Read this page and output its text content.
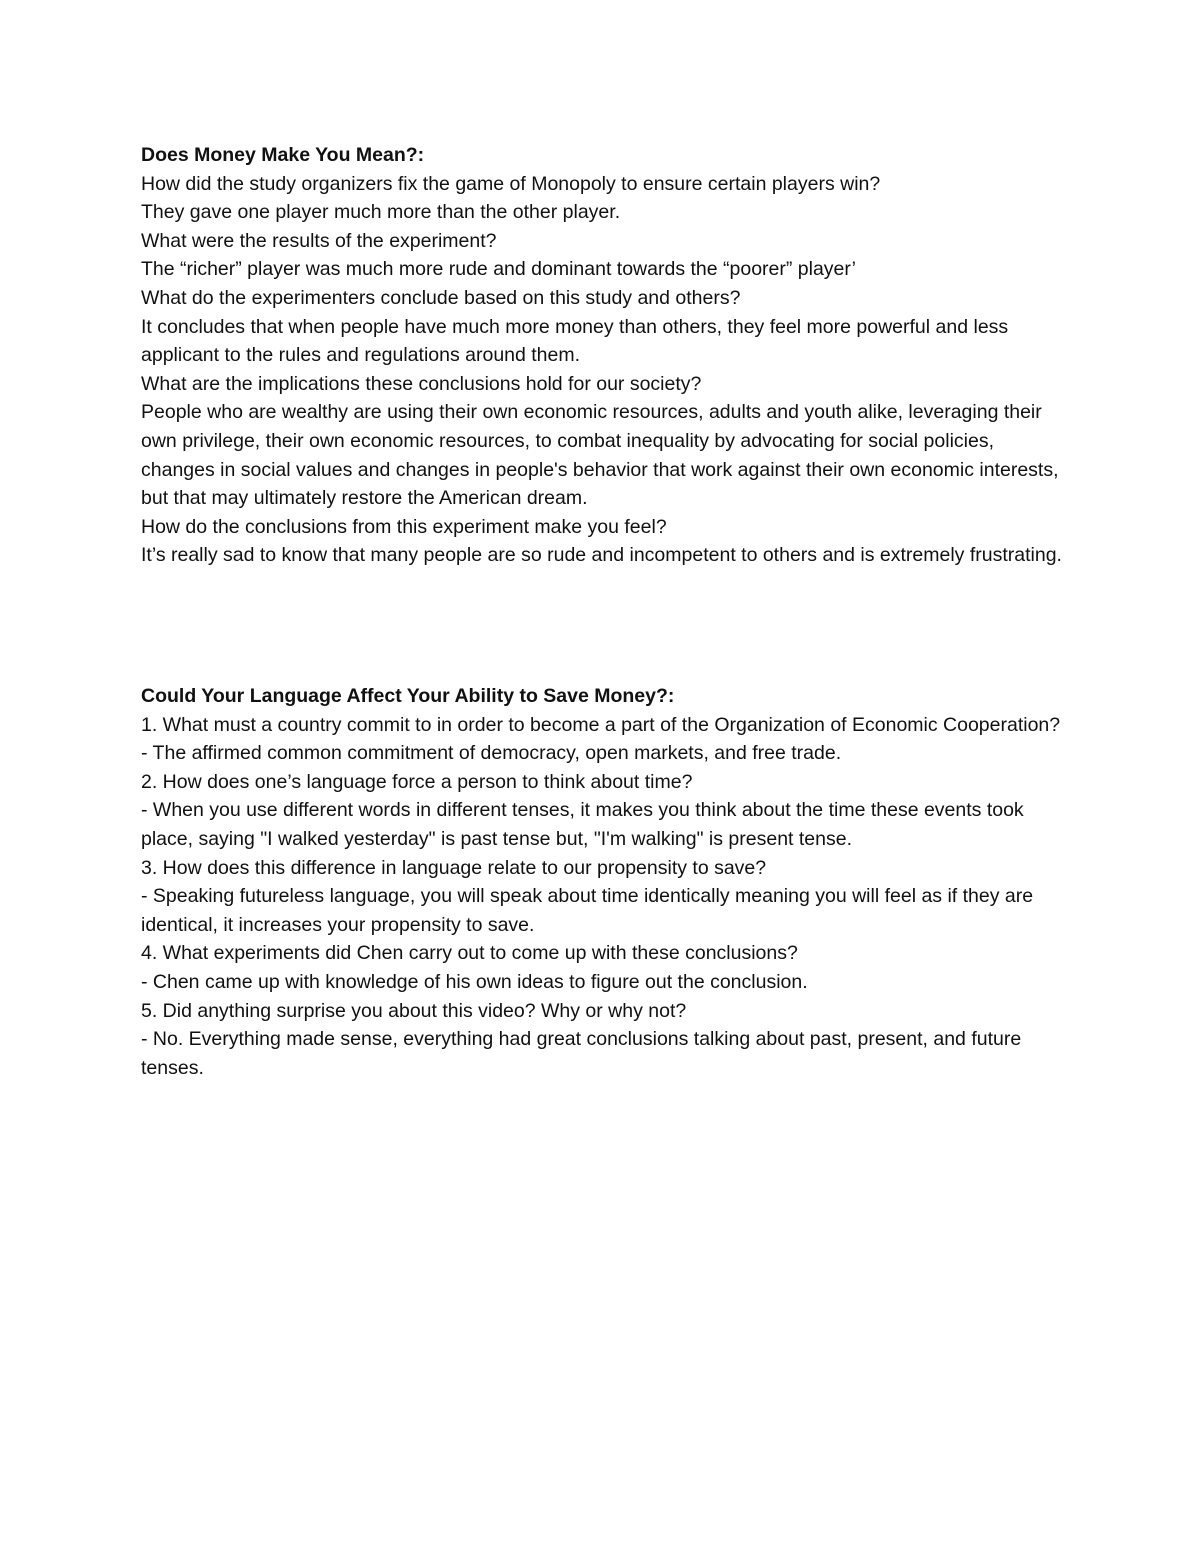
Does Money Make You Mean?:

How did the study organizers fix the game of Monopoly to ensure certain players win?

They gave one player much more than the other player.

What were the results of the experiment?

The “richer” player was much more rude and dominant towards the “poorer” player’

What do the experimenters conclude based on this study and others?

It concludes that when people have much more money than others, they feel more powerful and less applicant to the rules and regulations around them.

What are the implications these conclusions hold for our society?

People who are wealthy are using their own economic resources, adults and youth alike, leveraging their own privilege, their own economic resources, to combat inequality by advocating for social policies, changes in social values and changes in people's behavior that work against their own economic interests, but that may ultimately restore the American dream.

How do the conclusions from this experiment make you feel?

It’s really sad to know that many people are so rude and incompetent to others and is extremely frustrating.

Could Your Language Affect Your Ability to Save Money?:

1. What must a country commit to in order to become a part of the Organization of Economic Cooperation?

- The affirmed common commitment of democracy, open markets, and free trade.

2. How does one’s language force a person to think about time?

- When you use different words in different tenses, it makes you think about the time these events took place, saying "I walked yesterday" is past tense but, "I'm walking" is present tense.

3. How does this difference in language relate to our propensity to save?

- Speaking futureless language, you will speak about time identically meaning you will feel as if they are identical, it increases your propensity to save.

4. What experiments did Chen carry out to come up with these conclusions?

- Chen came up with knowledge of his own ideas to figure out the conclusion.

5. Did anything surprise you about this video? Why or why not?

- No. Everything made sense, everything had great conclusions talking about past, present, and future tenses.
